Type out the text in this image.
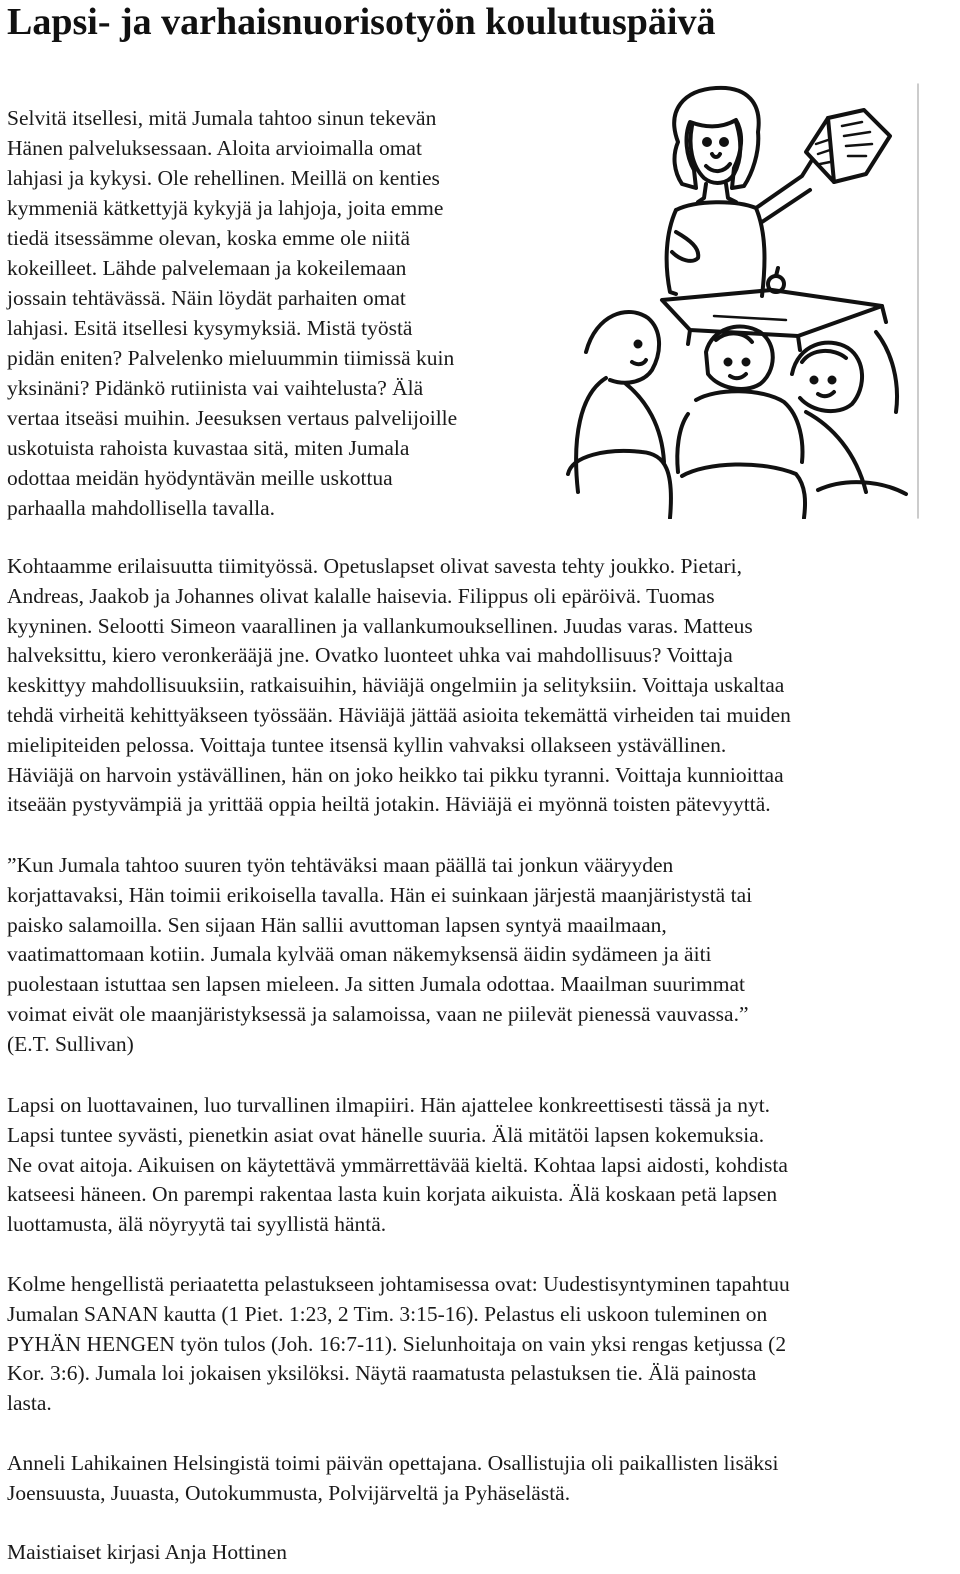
Lapsi- ja varhaisnuorisotyön koulutuspäivä

Selvitä itsellesi, mitä Jumala tahtoo sinun tekevän
Hänen palveluksessaan. Aloita arvioimalla omat
lahjasi ja kykysi. Ole rehellinen. Meillä on kenties
kymmeniä kätkettyjä kykyjä ja lahjoja, joita emme
tiedä itsessämme olevan, koska emme ole niitä
kokeilleet. Lähde palvelemaan ja kokeilemaan
jossain tehtävässä. Näin löydät parhaiten omat
lahjasi. Esitä itsellesi kysymyksiä. Mistä työstä
pidän eniten? Palvelenko mieluummin tiimissä kuin
yksinäni? Pidänkö rutiinista vai vaihtelusta? Älä
vertaa itseäsi muihin. Jeesuksen vertaus palvelijoille
uskotuista rahoista kuvastaa sitä, miten Jumala
odottaa meidän hyödyntävän meille uskottua
parhaalla mahdollisella tavalla.

Kohtaamme erilaisuutta tiimityössä. Opetuslapset olivat savesta tehty joukko. Pietari,
Andreas, Jaakob ja Johannes olivat kalalle haisevia. Filippus oli epäröivä. Tuomas
kyyninen. Selootti Simeon vaarallinen ja vallankumouksellinen. Juudas varas. Matteus
halveksittu, kiero veronkerääjä jne. Ovatko luonteet uhka vai mahdollisuus? Voittaja
keskittyy mahdollisuuksiin, ratkaisuihin, häviäjä ongelmiin ja selityksiin. Voittaja uskaltaa
tehdä virheitä kehittyäkseen työssään. Häviäjä jättää asioita tekemättä virheiden tai muiden
mielipiteiden pelossa. Voittaja tuntee itsensä kyllin vahvaksi ollakseen ystävällinen.
Häviäjä on harvoin ystävällinen, hän on joko heikko tai pikku tyranni. Voittaja kunnioittaa
itseään pystyvämpiä ja yrittää oppia heiltä jotakin. Häviäjä ei myönnä toisten pätevyyttä.

”Kun Jumala tahtoo suuren työn tehtäväksi maan päällä tai jonkun vääryyden
korjattavaksi, Hän toimii erikoisella tavalla. Hän ei suinkaan järjestä maanjäristystä tai
paisko salamoilla. Sen sijaan Hän sallii avuttoman lapsen syntyä maailmaan,
vaatimattomaan kotiin. Jumala kylvää oman näkemyksensä äidin sydämeen ja äiti
puolestaan istuttaa sen lapsen mieleen. Ja sitten Jumala odottaa. Maailman suurimmat
voimat eivät ole maanjäristyksessä ja salamoissa, vaan ne piilevät pienessä vauvassa.”
(E.T. Sullivan)

Lapsi on luottavainen, luo turvallinen ilmapiiri. Hän ajattelee konkreettisesti tässä ja nyt.
Lapsi tuntee syvästi, pienetkin asiat ovat hänelle suuria. Älä mitätöi lapsen kokemuksia.
Ne ovat aitoja. Aikuisen on käytettävä ymmärrettävää kieltä. Kohtaa lapsi aidosti, kohdista
katseesi häneen. On parempi rakentaa lasta kuin korjata aikuista. Älä koskaan petä lapsen
luottamusta, älä nöyryytä tai syyllistä häntä.

Kolme hengellistä periaatetta pelastukseen johtamisessa ovat: Uudestisyntyminen tapahtuu
Jumalan SANAN kautta (1 Piet. 1:23, 2 Tim. 3:15-16). Pelastus eli uskoon tuleminen on
PYHÄN HENGEN työn tulos (Joh. 16:7-11). Sielunhoitaja on vain yksi rengas ketjussa (2
Kor. 3:6). Jumala loi jokaisen yksilöksi. Näytä raamatusta pelastuksen tie. Älä painosta
lasta.

Anneli Lahikainen Helsingistä toimi päivän opettajana. Osallistujia oli paikallisten lisäksi
Joensuusta, Juuasta, Outokummusta, Polvijärveltä ja Pyhäselästä.

Maistiaiset kirjasi Anja Hottinen
